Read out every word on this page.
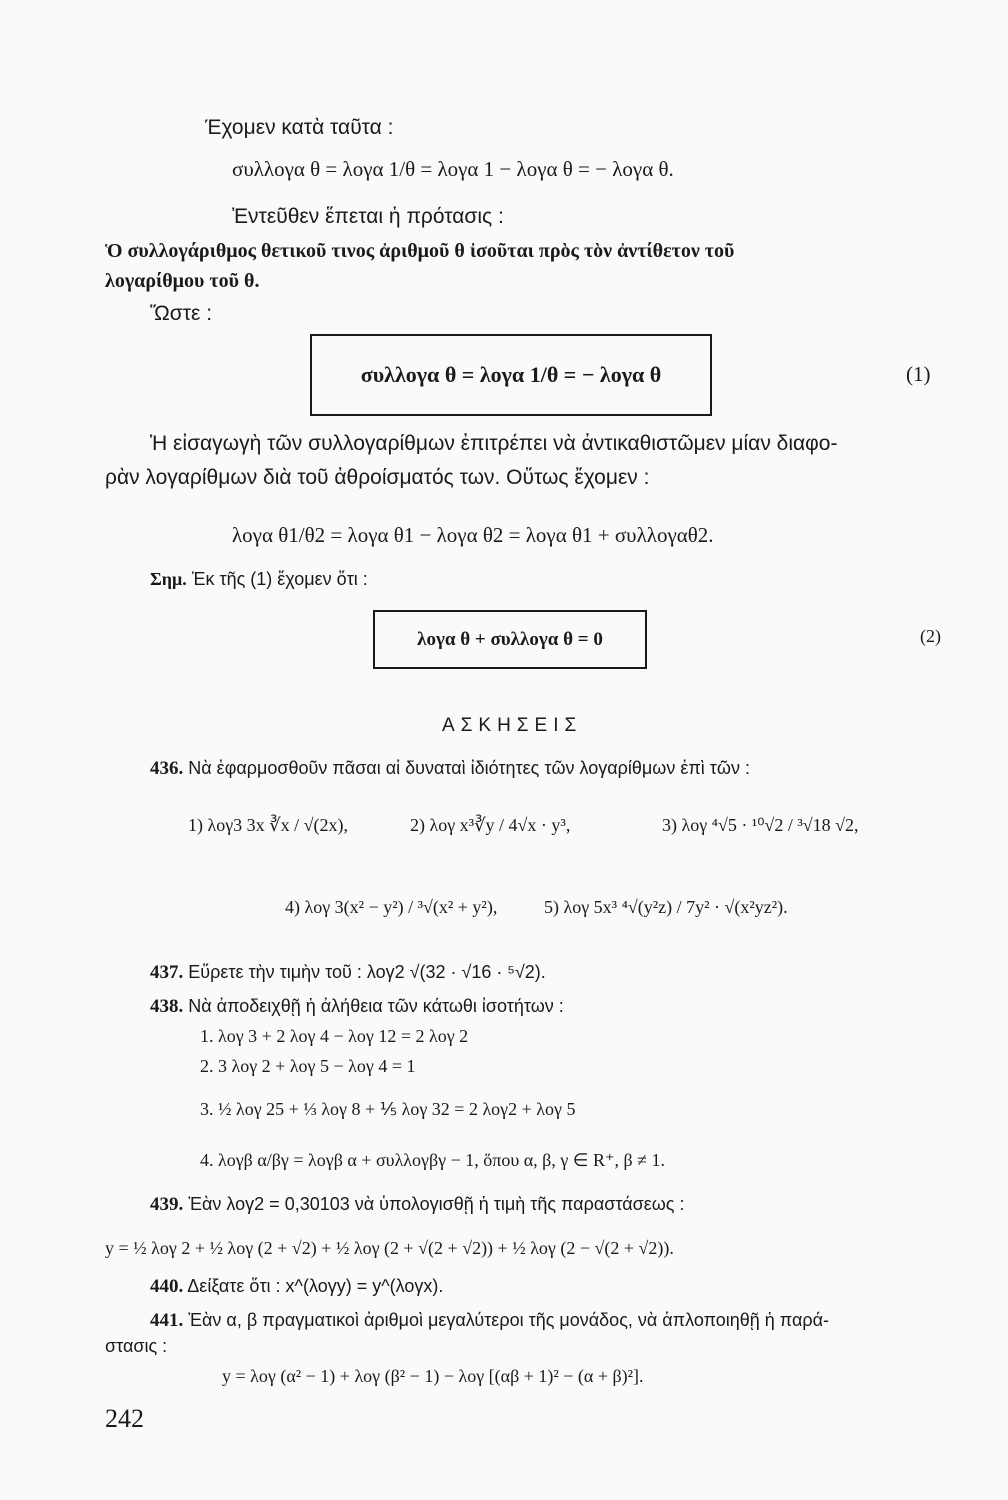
Έχομεν κατὰ ταῦτα :
συλλογα θ = λογα 1/θ = λογα 1 − λογα θ = − λογα θ.
Ἐντεῦθεν ἕπεται ἡ πρότασις :
Ὁ συλλογάριθμος θετικοῦ τινος ἀριθμοῦ θ ἰσοῦται πρὸς τὸν ἀντίθετον τοῦ
λογαρίθμου τοῦ θ.
Ὥστε :
συλλογα θ = λογα 1/θ = − λογα θ	(1)
Ἡ εἰσαγωγὴ τῶν συλλογαρίθμων ἐπιτρέπει νὰ ἀντικαθιστῶμεν μίαν διαφο-
ρὰν λογαρίθμων διὰ τοῦ ἀθροίσματός των. Οὕτως ἔχομεν :
λογα θ1/θ2 = λογα θ1 − λογα θ2 = λογα θ1 + συλλογαθ2.
Σημ. Ἐκ τῆς (1) ἔχομεν ὅτι :
λογα θ + συλλογα θ = 0	(2)
ΑΣΚΗΣΕΙΣ
436. Νὰ ἐφαρμοσθοῦν πᾶσαι αἱ δυναταὶ ἰδιότητες τῶν λογαρίθμων ἐπὶ τῶν :
1) λογ3 3x ∛x / √(2x),	2) λογ x³∛y / 4√x · y³,	3) λογ ⁴√5 · ¹⁰√2 / ³√18 √2,
4) λογ 3(x² − y²) / ³√(x² + y²),	5) λογ 5x³ ⁴√(y²z) / 7y² · √(x²yz²).
437. Εὕρετε τὴν τιμὴν τοῦ : λογ2 √(32 · √16 · ⁵√2).
438. Νὰ ἀποδειχθῇ ἡ ἀλήθεια τῶν κάτωθι ἰσοτήτων :
1. λογ 3 + 2 λογ 4 − λογ 12 = 2 λογ 2
2. 3 λογ 2 + λογ 5 − λογ 4 = 1
3. ½ λογ 25 + ⅓ λογ 8 + ⅕ λογ 32 = 2 λογ2 + λογ 5
4. λογβ α/βγ = λογβ α + συλλογβγ − 1, ὅπου α, β, γ ∈ R⁺, β ≠ 1.
439. Ἐὰν λογ2 = 0,30103 νὰ ὑπολογισθῇ ἡ τιμὴ τῆς παραστάσεως :
y = ½ λογ 2 + ½ λογ (2 + √2) + ½ λογ (2 + √(2 + √2)) + ½ λογ (2 − √(2 + √2)).
440. Δείξατε ὅτι : x^(λογy) = y^(λογx).
441. Ἐὰν α, β πραγματικοὶ ἀριθμοὶ μεγαλύτεροι τῆς μονάδος, νὰ ἁπλοποιηθῇ ἡ παρά-
στασις :
y = λογ (α² − 1) + λογ (β² − 1) − λογ [(αβ + 1)² − (α + β)²].
242
